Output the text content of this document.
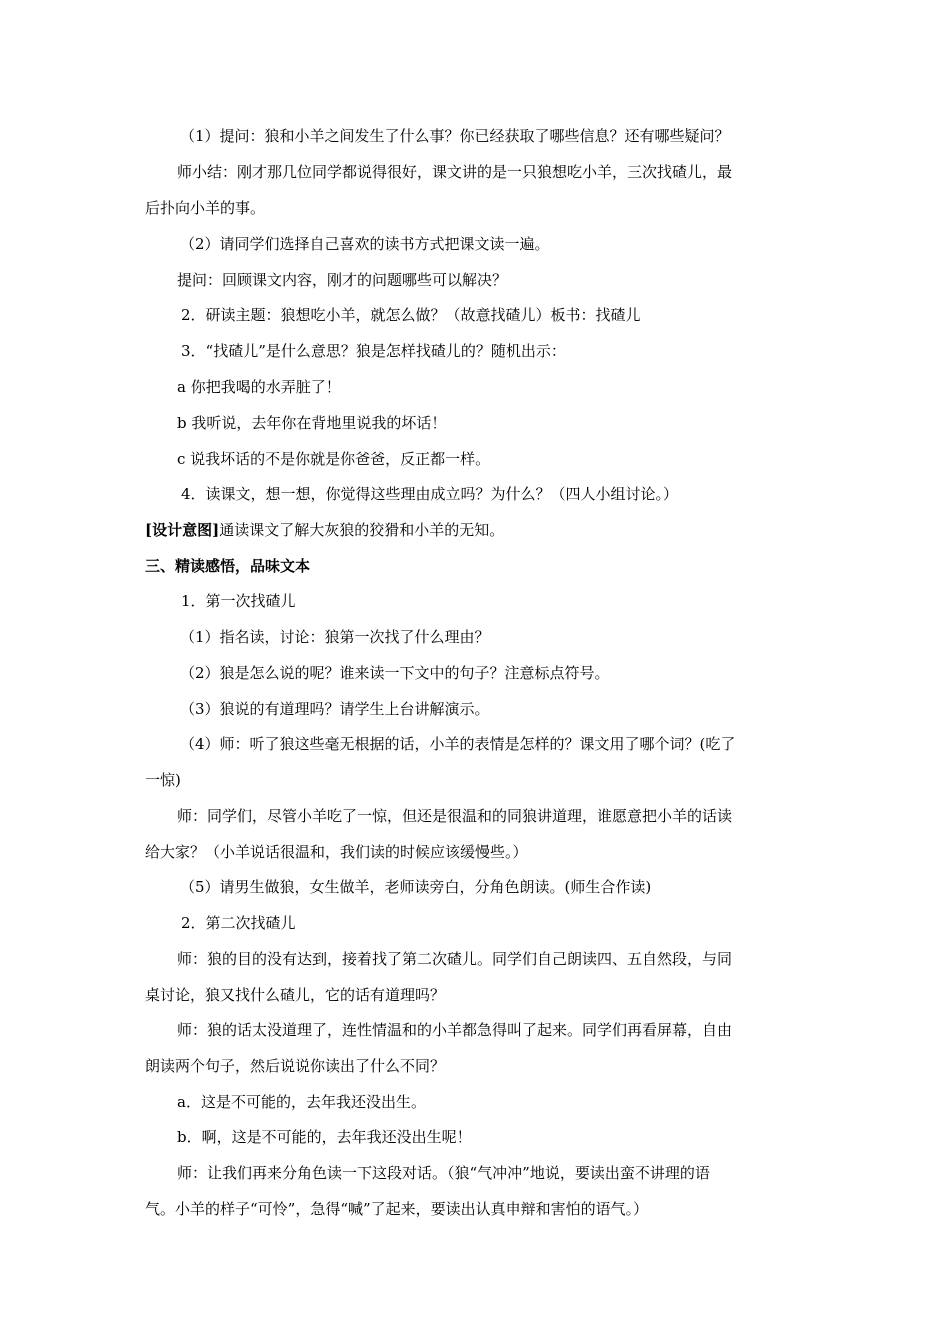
（1）提问：狼和小羊之间发生了什么事？你已经获取了哪些信息？还有哪些疑问？
师小结：刚才那几位同学都说得很好，课文讲的是一只狼想吃小羊，三次找碴儿，最
后扑向小羊的事。
（2）请同学们选择自己喜欢的读书方式把课文读一遍。
提问：回顾课文内容，刚才的问题哪些可以解决？
2．研读主题：狼想吃小羊，就怎么做？（故意找碴儿）板书：找碴儿
3．“找碴儿”是什么意思？狼是怎样找碴儿的？随机出示：
a 你把我喝的水弄脏了！
b 我听说，去年你在背地里说我的坏话！
c 说我坏话的不是你就是你爸爸，反正都一样。
4．读课文，想一想，你觉得这些理由成立吗？为什么？（四人小组讨论。）
[设计意图]通读课文了解大灰狼的狡猾和小羊的无知。
三、精读感悟，品味文本
1．第一次找碴儿
（1）指名读，讨论：狼第一次找了什么理由？
（2）狼是怎么说的呢？谁来读一下文中的句子？注意标点符号。
（3）狼说的有道理吗？请学生上台讲解演示。
（4）师：听了狼这些毫无根据的话，小羊的表情是怎样的？课文用了哪个词？(吃了
一惊)
师：同学们，尽管小羊吃了一惊，但还是很温和的同狼讲道理，谁愿意把小羊的话读
给大家？（小羊说话很温和，我们读的时候应该缓慢些。）
（5）请男生做狼，女生做羊，老师读旁白，分角色朗读。(师生合作读)
2．第二次找碴儿
师：狼的目的没有达到，接着找了第二次碴儿。同学们自己朗读四、五自然段，与同
桌讨论，狼又找什么碴儿，它的话有道理吗？
师：狼的话太没道理了，连性情温和的小羊都急得叫了起来。同学们再看屏幕，自由
朗读两个句子，然后说说你读出了什么不同？
a．这是不可能的，去年我还没出生。
b．啊，这是不可能的，去年我还没出生呢！
师：让我们再来分角色读一下这段对话。（狼“气冲冲”地说，要读出蛮不讲理的语
气。小羊的样子“可怜”，急得“喊”了起来，要读出认真申辩和害怕的语气。）
